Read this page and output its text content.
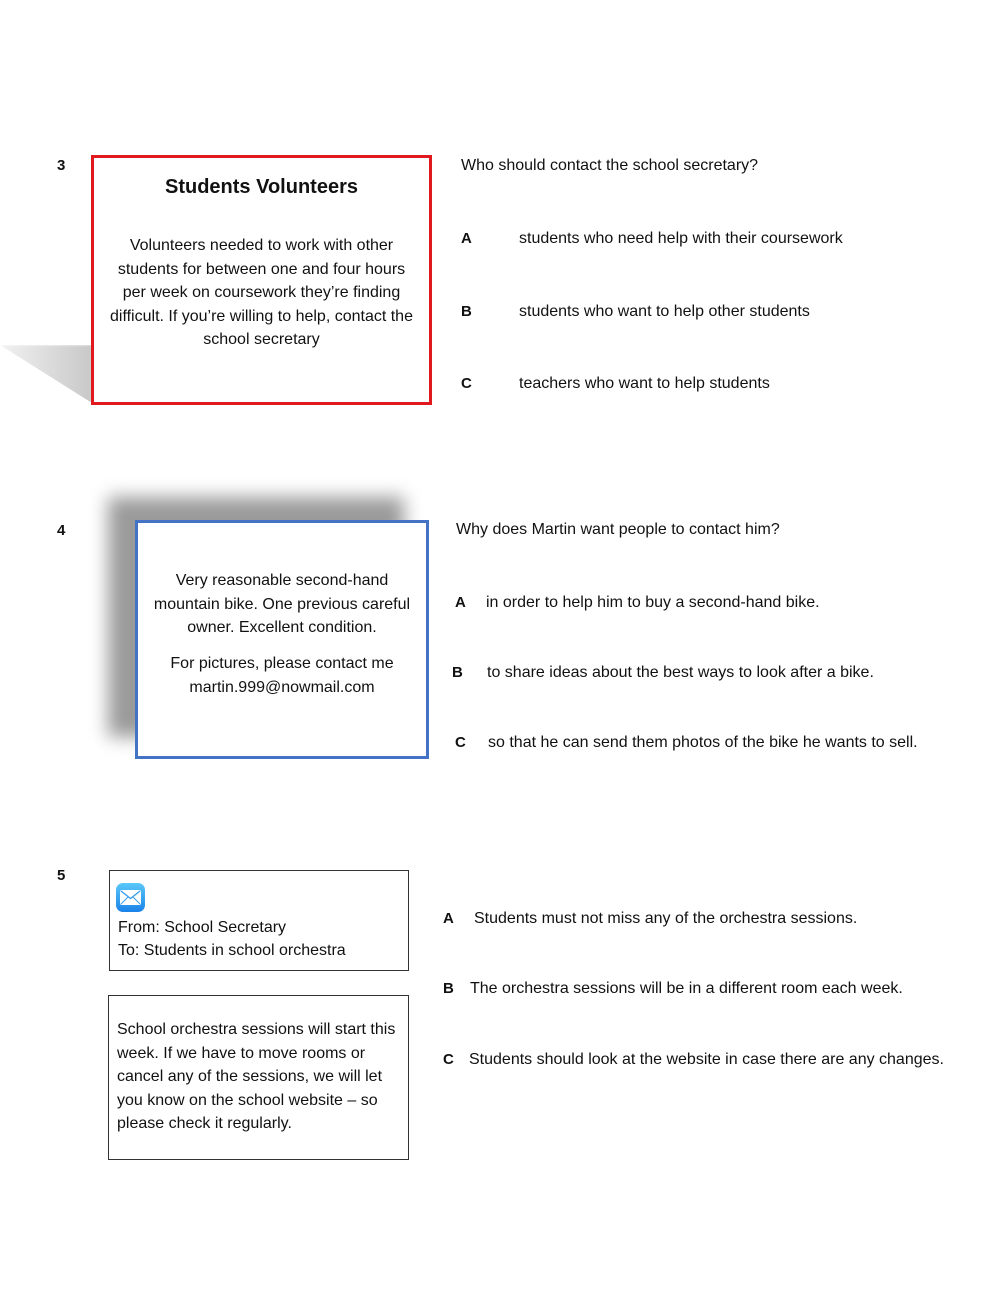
3
Students Volunteers
Volunteers needed to work with other students for between one and four hours per week on coursework they’re finding difficult. If you’re willing to help, contact the school secretary
Who should contact the school secretary?
A	students who need help with their coursework
B	students who want to help other students
C	teachers who want to help students
4
Very reasonable second-hand mountain bike. One previous careful owner. Excellent condition.
For pictures, please contact me martin.999@nowmail.com
Why does Martin want people to contact him?
A in order to help him to buy a second-hand bike.
B to share ideas about the best ways to look after a bike.
C so that he can send them photos of the bike he wants to sell.
5
From: School Secretary
To: Students in school orchestra
School orchestra sessions will start this week. If we have to move rooms or cancel any of the sessions, we will let you know on the school website – so please check it regularly.
A Students must not miss any of the orchestra sessions.
B The orchestra sessions will be in a different room each week.
C Students should look at the website in case there are any changes.
